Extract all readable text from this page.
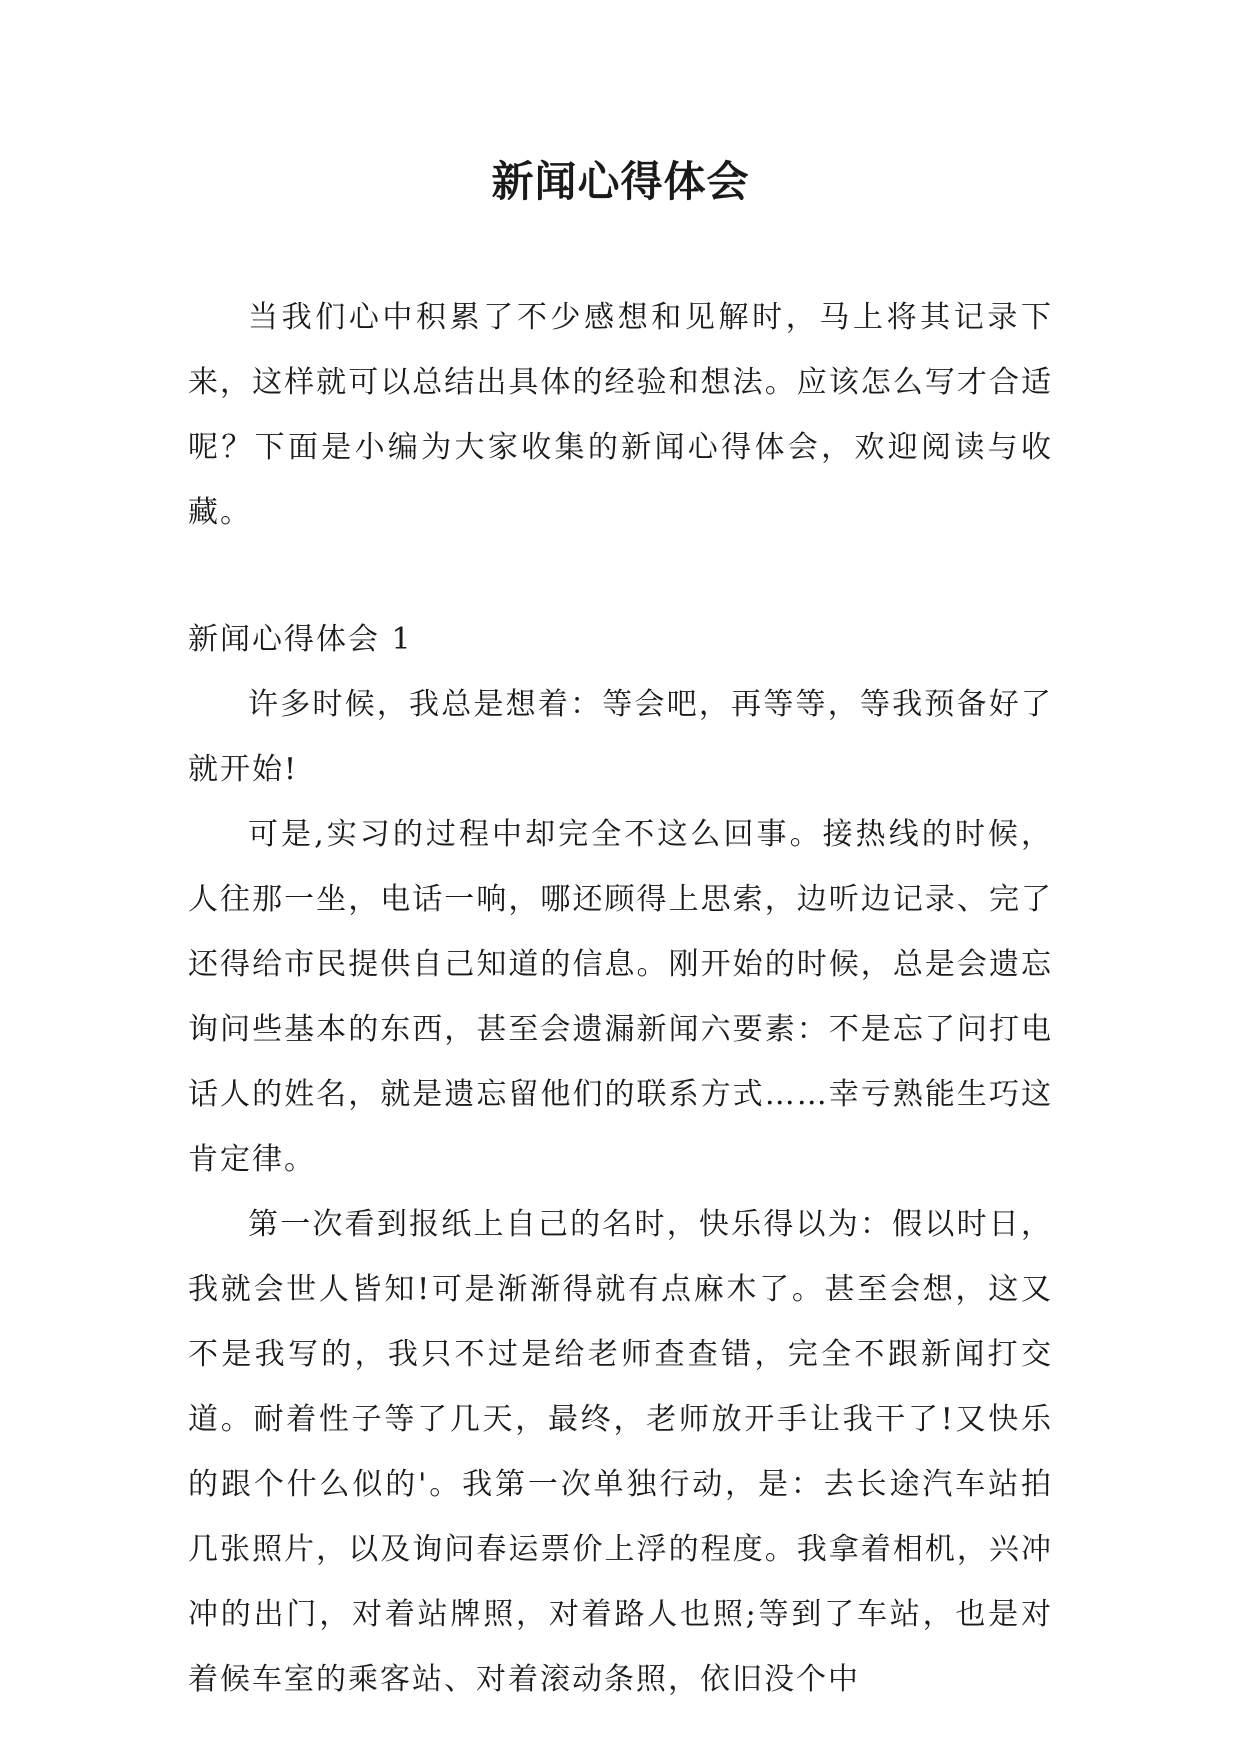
新闻心得体会

当我们心中积累了不少感想和见解时，马上将其记录下来，这样就可以总结出具体的经验和想法。应该怎么写才合适呢？下面是小编为大家收集的新闻心得体会，欢迎阅读与收藏。

新闻心得体会 1

许多时候，我总是想着：等会吧，再等等，等我预备好了就开始!

可是,实习的过程中却完全不这么回事。接热线的时候，人往那一坐，电话一响，哪还顾得上思索，边听边记录、完了还得给市民提供自己知道的信息。刚开始的时候，总是会遗忘询问些基本的东西，甚至会遗漏新闻六要素：不是忘了问打电话人的姓名，就是遗忘留他们的联系方式……幸亏熟能生巧这肯定律。

第一次看到报纸上自己的名时，快乐得以为：假以时日，我就会世人皆知!可是渐渐得就有点麻木了。甚至会想，这又不是我写的，我只不过是给老师查查错，完全不跟新闻打交道。耐着性子等了几天，最终，老师放开手让我干了!又快乐的跟个什么似的'。我第一次单独行动，是：去长途汽车站拍几张照片，以及询问春运票价上浮的程度。我拿着相机，兴冲冲的出门，对着站牌照，对着路人也照;等到了车站，也是对着候车室的乘客站、对着滚动条照，依旧没个中
